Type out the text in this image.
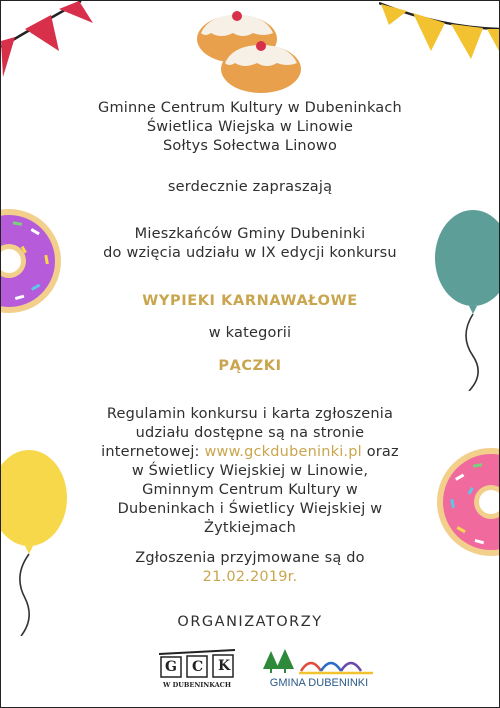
Gminne Centrum Kultury w Dubeninkach
Świetlica Wiejska w Linowie
Sołtys Sołectwa Linowo
serdecznie zapraszają
Mieszkańców Gminy Dubeninki
do wzięcia udziału w IX edycji konkursu
WYPIEKI KARNAWAŁOWE
w kategorii
PĄCZKI
Regulamin konkursu i karta zgłoszenia
udziału dostępne są na stronie
internetowej: www.gckdubeninki.pl oraz
w Świetlicy Wiejskiej w Linowie,
Gminnym Centrum Kultury w
Dubeninkach i Świetlicy Wiejskiej w
Żytkiejmach
Zgłoszenia przyjmowane są do
21.02.2019r.
ORGANIZATORZY
G C K
W DUBENINKACH	GMINA DUBENINKI
